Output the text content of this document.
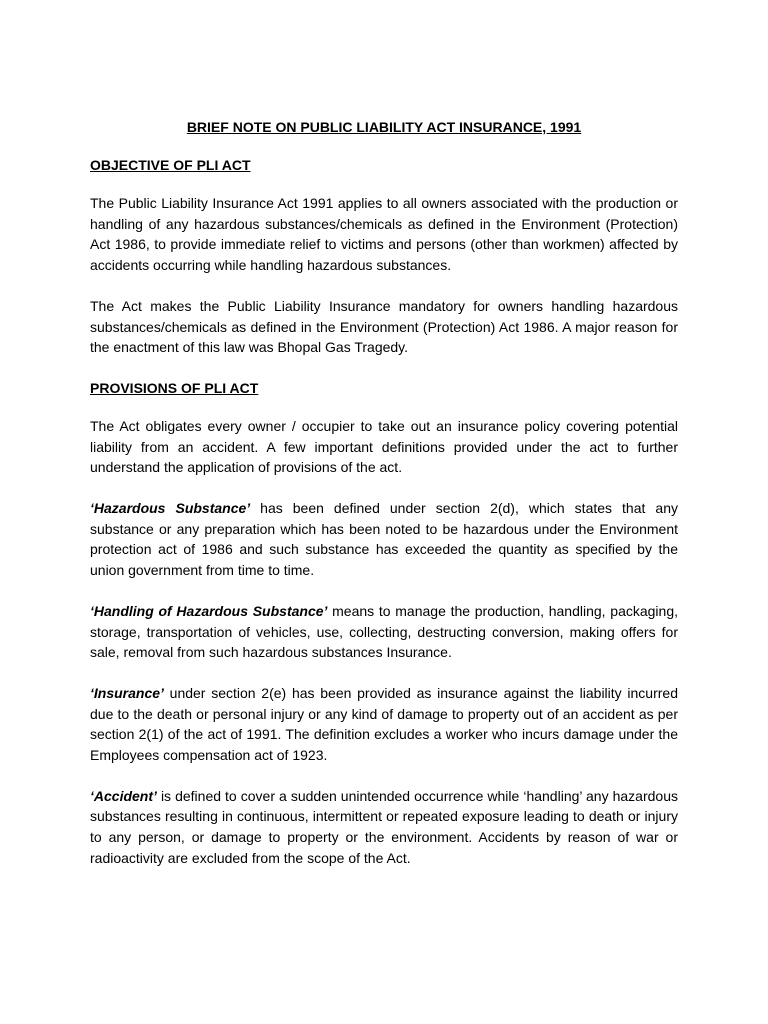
BRIEF NOTE ON PUBLIC LIABILITY ACT INSURANCE, 1991
OBJECTIVE OF PLI ACT

The Public Liability Insurance Act 1991 applies to all owners associated with the production or handling of any hazardous substances/chemicals as defined in the Environment (Protection) Act 1986, to provide immediate relief to victims and persons (other than workmen) affected by accidents occurring while handling hazardous substances.

The Act makes the Public Liability Insurance mandatory for owners handling hazardous substances/chemicals as defined in the Environment (Protection) Act 1986. A major reason for the enactment of this law was Bhopal Gas Tragedy.

PROVISIONS OF PLI ACT

The Act obligates every owner / occupier to take out an insurance policy covering potential liability from an accident. A few important definitions provided under the act to further understand the application of provisions of the act.

‘Hazardous Substance’ has been defined under section 2(d), which states that any substance or any preparation which has been noted to be hazardous under the Environment protection act of 1986 and such substance has exceeded the quantity as specified by the union government from time to time.

‘Handling of Hazardous Substance’ means to manage the production, handling, packaging, storage, transportation of vehicles, use, collecting, destructing conversion, making offers for sale, removal from such hazardous substances Insurance.

‘Insurance’ under section 2(e) has been provided as insurance against the liability incurred due to the death or personal injury or any kind of damage to property out of an accident as per section 2(1) of the act of 1991. The definition excludes a worker who incurs damage under the Employees compensation act of 1923.

‘Accident’ is defined to cover a sudden unintended occurrence while ‘handling’ any hazardous substances resulting in continuous, intermittent or repeated exposure leading to death or injury to any person, or damage to property or the environment. Accidents by reason of war or radioactivity are excluded from the scope of the Act.
